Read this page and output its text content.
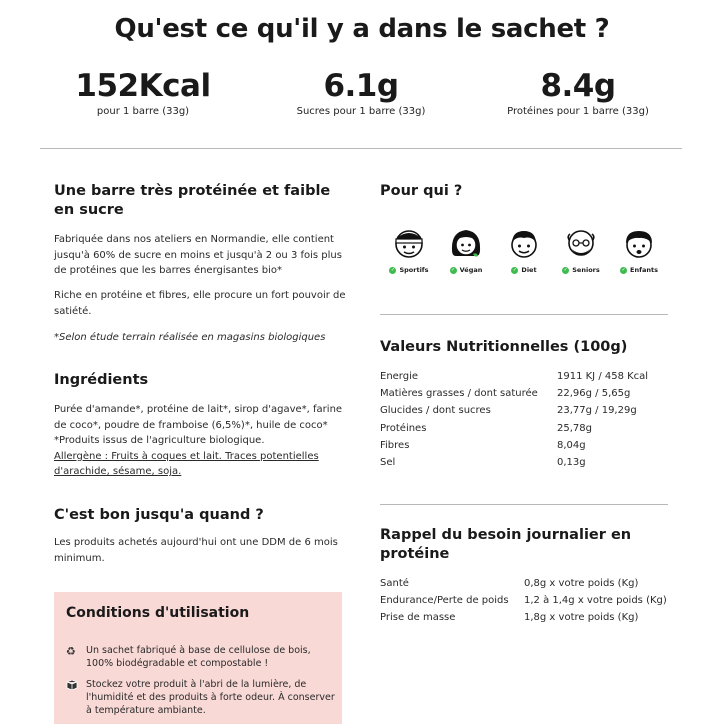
Qu'est ce qu'il y a dans le sachet ?
152Kcal
pour 1 barre (33g)
6.1g
Sucres pour 1 barre (33g)
8.4g
Protéines pour 1 barre (33g)
Une barre très protéinée et faible en sucre
Fabriquée dans nos ateliers en Normandie, elle contient jusqu'à 60% de sucre en moins et jusqu'à 2 ou 3 fois plus de protéines que les barres énergisantes bio*
Riche en protéine et fibres, elle procure un fort pouvoir de satiété.
*Selon étude terrain réalisée en magasins biologiques
Ingrédients
Purée d'amande*, protéine de lait*, sirop d'agave*, farine de coco*, poudre de framboise (6,5%)*, huile de coco*
*Produits issus de l'agriculture biologique.
Allergène : Fruits à coques et lait. Traces potentielles d'arachide, sésame, soja.
C'est bon jusqu'a quand ?
Les produits achetés aujourd'hui ont une DDM de 6 mois minimum.
Conditions d'utilisation
♻	Un sachet fabriqué à base de cellulose de bois, 100% biodégradable et compostable !
Stockez votre produit à l'abri de la lumière, de l'humidité et des produits à forte odeur. À conserver à température ambiante.
Pour qui ?
✓ Sportifs	✓ Végan	✓ Diet	✓ Seniors	✓ Enfants
Valeurs Nutritionnelles (100g)
Energie	1911 KJ / 458 Kcal
Matières grasses / dont saturée 22,96g / 5,65g
Glucides / dont sucres	23,77g / 19,29g
Protéines	25,78g
Fibres	8,04g
Sel	0,13g
Rappel du besoin journalier en protéine
Santé	0,8g x votre poids (Kg)
Endurance/Perte de poids 1,2 à 1,4g x votre poids (Kg)
Prise de masse	1,8g x votre poids (Kg)
